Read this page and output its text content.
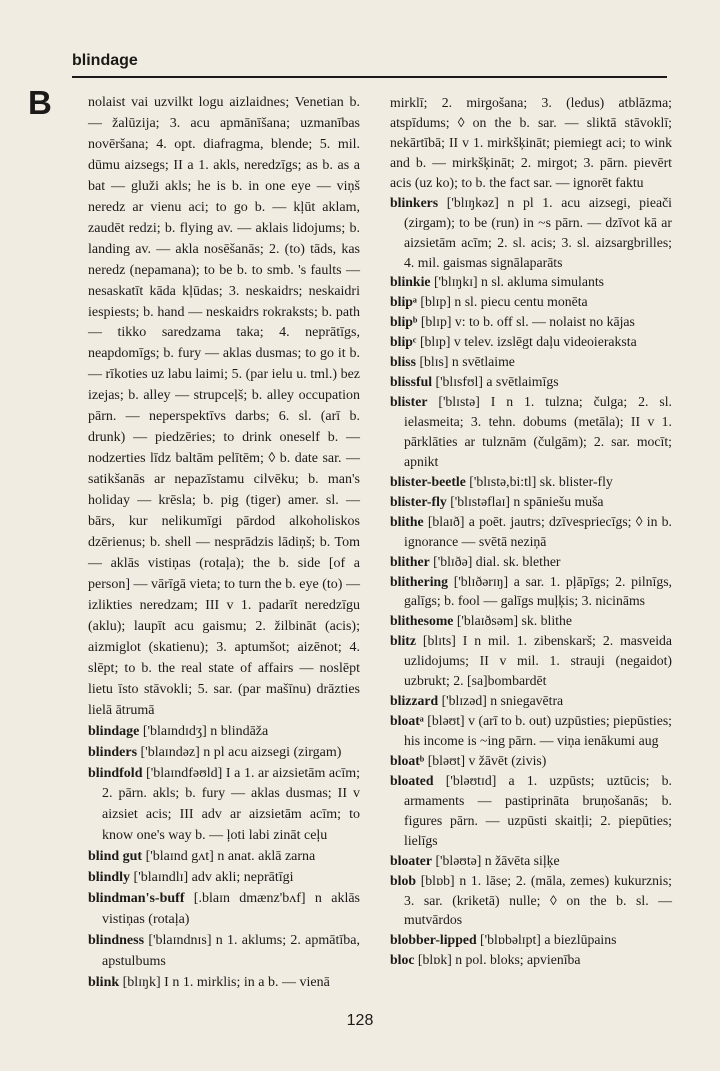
blindage
B	nolaist vai uzvilkt logu aizlaidnes; Venetian b. — žalūzija; 3. acu apmānīšana; uzmanības novēršana; 4. opt. diafragma, blende; 5. mil. dūmu aizsegs; II a 1. akls, neredzīgs; as b. as a bat — gluži akls; he is b. in one eye — viņš neredz ar vienu aci; to go b. — kļūt aklam, zaudēt redzi; b. flying av. — aklais lidojums; b. landing av. — akla nosēšanās; 2. (to) tāds, kas neredz (nepamana); to be b. to smb. 's faults — nesaskatīt kāda kļūdas; 3. neskaidrs; neskaidri iespiests; b. hand — neskaidrs rokraksts; b. path — tikko saredzama taka; 4. neprātīgs, neapdomīgs; b. fury — aklas dusmas; to go it b. — rīkoties uz labu laimi; 5. (par ielu u. tml.) bez izejas; b. alley — strupceļš; b. alley occupation pārn. — neperspektīvs darbs; 6. sl. (arī b. drunk) — piedzēries; to drink oneself b. — nodzerties līdz baltām pelītēm; ◊ b. date sar. — satikšanās ar nepazīstamu cilvēku; b. man's holiday — krēsla; b. pig (tiger) amer. sl. — bārs, kur nelikumīgi pārdod alkoholiskos dzērienus; b. shell — nesprādzis lādiņš; b. Tom — aklās vistiņas (rotaļa); the b. side [of a person] — vārīgā vieta; to turn the b. eye (to) — izlikties neredzam; III v 1. padarīt neredzīgu (aklu); laupīt acu gaismu; 2. žilbināt (acis); aizmiglot (skatienu); 3. aptumšot; aizēnot; 4. slēpt; to b. the real state of affairs — noslēpt lietu īsto stāvokli; 5. sar. (par mašīnu) drāzties lielā ātrumā

blindage ['blaɪndɪdʒ] n blindāža

blinders ['blaɪndəz] n pl acu aizsegi (zirgam)

blindfold ['blaɪndfəʊld] I a 1. ar aizsietām acīm; 2. pārn. akls; b. fury — aklas dusmas; II v aizsiet acis; III adv ar aizsietām acīm; to know one's way b. — ļoti labi zināt ceļu

blind gut ['blaɪnd gʌt] n anat. aklā zarna

blindly ['blaɪndlɪ] adv akli; neprātīgi

blindman's-buff [.blaɪn dmænz'bʌf] n aklās vistiņas (rotaļa)

blindness ['blaɪndnɪs] n 1. aklums; 2. apmātība, apstulbums

blink [blɪŋk] I n 1. mirklis; in a b. — vienā

mirklī; 2. mirgošana; 3. (ledus) atblāzma; atspīdums; ◊ on the b. sar. — sliktā stāvoklī; nekārtībā; II v 1. mirkšķināt; piemiegt aci; to wink and b. — mirkšķināt; 2. mirgot; 3. pārn. pievērt acis (uz ko); to b. the fact sar. — ignorēt faktu

blinkers ['blɪŋkəz] n pl 1. acu aizsegi, pieači (zirgam); to be (run) in ~s pārn. — dzīvot kā ar aizsietām acīm; 2. sl. acis; 3. sl. aizsargbrilles; 4. mil. gaismas signālaparāts

blinkie ['blɪŋkɪ] n sl. akluma simulants

blipᵃ [blɪp] n sl. piecu centu monēta

blipᵇ [blɪp] v: to b. off sl. — nolaist no kājas

blipᶜ [blɪp] v telev. izslēgt daļu videoieraksta

bliss [blɪs] n svētlaime

blissful ['blɪsfʊl] a svētlaimīgs

blister ['blɪstə] I n 1. tulzna; čulga; 2. sl. ielasmeita; 3. tehn. dobums (metāla); II v 1. pārklāties ar tulznām (čulgām); 2. sar. mocīt; apnikt

blister-beetle ['blɪstə,bi:tl] sk. blister-fly

blister-fly ['blɪstəflaɪ] n spāniešu muša

blithe [blaɪð] a poēt. jautrs; dzīvesprieсīgs; ◊ in b. ignorance — svētā neziņā

blither ['blɪðə] dial. sk. blether

blithering ['blɪðərɪŋ] a sar. 1. pļāpīgs; 2. pilnīgs, galīgs; b. fool — galīgs muļķis; 3. nicināms

blithesome ['blaɪðsəm] sk. blithe

blitz [blɪts] I n mil. 1. zibenskarš; 2. masveida uzlidojums; II v mil. 1. strauji (negaidot) uzbrukt; 2. [sa]bombardēt

blizzard ['blɪzəd] n sniegavētra

bloatᵃ [bləʊt] v (arī to b. out) uzpūsties; piepūsties; his income is ~ing pārn. — viņa ienākumi aug

bloatᵇ [bləʊt] v žāvēt (zivis)

bloated ['bləʊtɪd] a 1. uzpūsts; uztūcis; b. armaments — pastiprināta bruņošanās; b. figures pārn. — uzpūsti skaitļi; 2. piepūties; lielīgs

bloater ['bləʊtə] n žāvēta siļķe

blob [blɒb] n 1. lāse; 2. (māla, zemes) kukurznis; 3. sar. (kriketā) nulle; ◊ on the b. sl. — mutvārdos

blobber-lipped ['blɒbəlɪpt] a biezlūpains

bloc [blɒk] n pol. bloks; apvienība

128
